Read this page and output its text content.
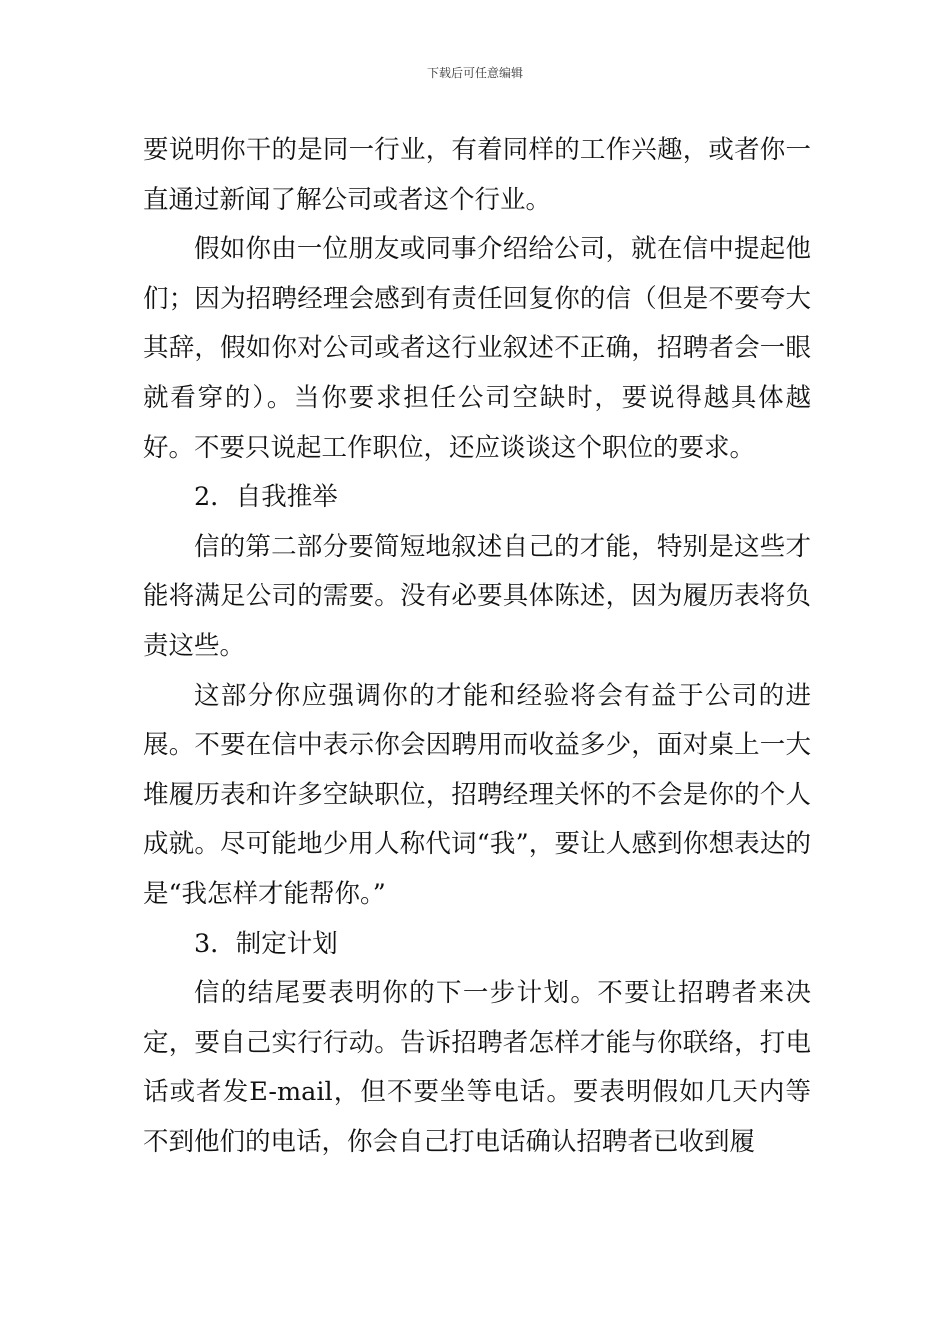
下载后可任意编辑

要说明你干的是同一行业，有着同样的工作兴趣，或者你一直通过新闻了解公司或者这个行业。

假如你由一位朋友或同事介绍给公司，就在信中提起他们；因为招聘经理会感到有责任回复你的信（但是不要夸大其辞，假如你对公司或者这行业叙述不正确，招聘者会一眼就看穿的）。当你要求担任公司空缺时，要说得越具体越好。不要只说起工作职位，还应谈谈这个职位的要求。

2．自我推举

信的第二部分要简短地叙述自己的才能，特别是这些才能将满足公司的需要。没有必要具体陈述，因为履历表将负责这些。

这部分你应强调你的才能和经验将会有益于公司的进展。不要在信中表示你会因聘用而收益多少，面对桌上一大堆履历表和许多空缺职位，招聘经理关怀的不会是你的个人成就。尽可能地少用人称代词“我”，要让人感到你想表达的是“我怎样才能帮你。”

3．制定计划

信的结尾要表明你的下一步计划。不要让招聘者来决定，要自己实行行动。告诉招聘者怎样才能与你联络，打电话或者发E-mail，但不要坐等电话。要表明假如几天内等不到他们的电话，你会自己打电话确认招聘者已收到履
